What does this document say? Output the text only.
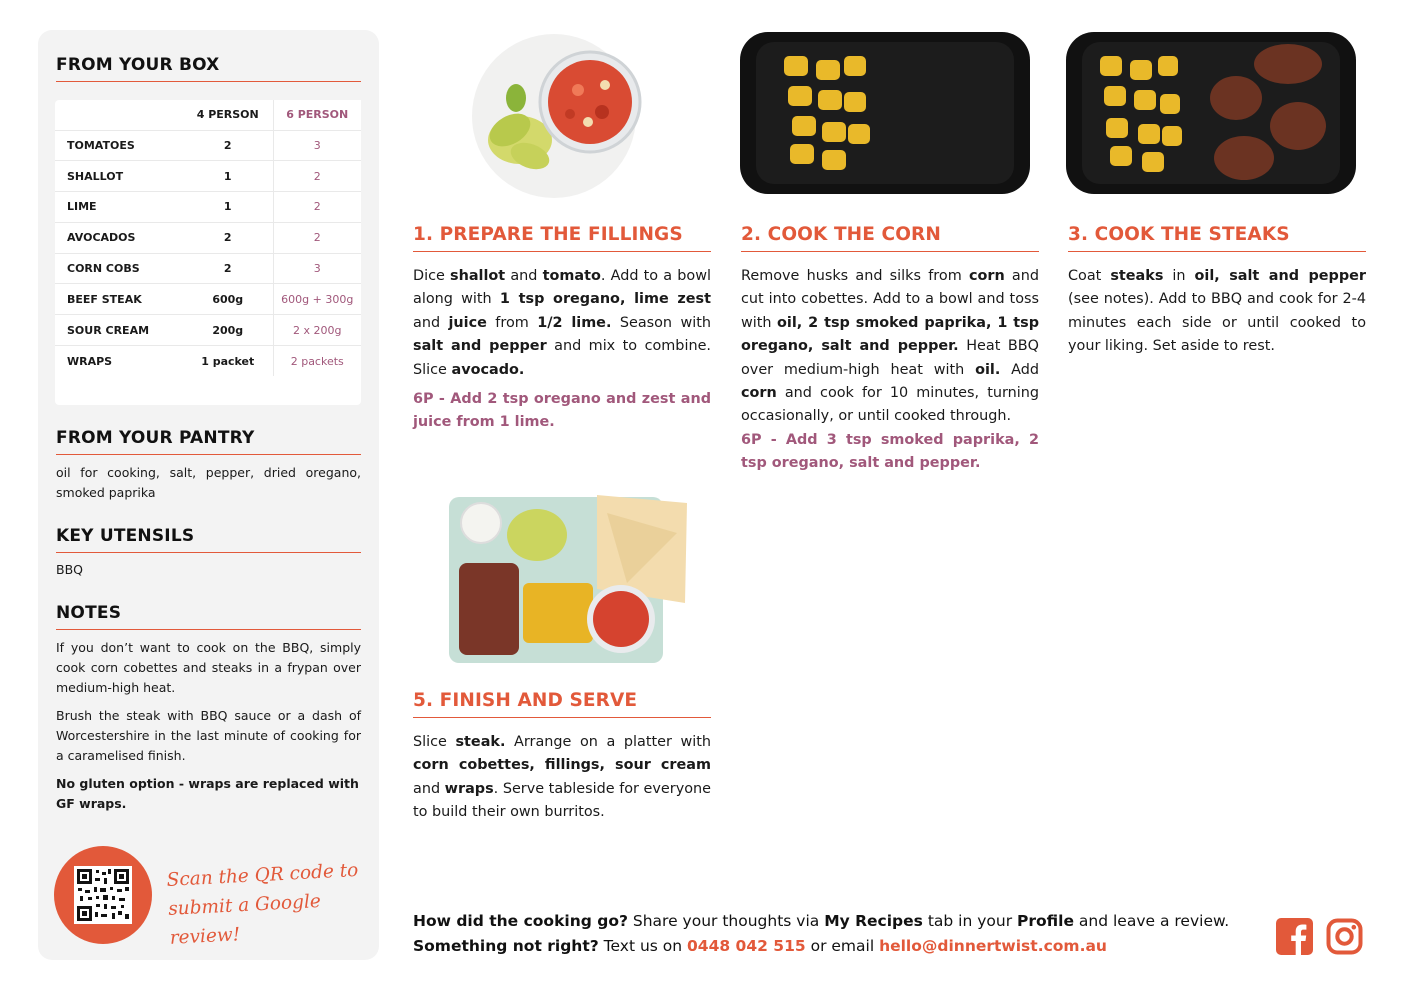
FROM YOUR BOX
	4 PERSON	6 PERSON
TOMATOES	2	3
SHALLOT	1	2
LIME	1	2
AVOCADOS	2	2
CORN COBS	2	3
BEEF STEAK	600g	600g + 300g
SOUR CREAM	200g	2 x 200g
WRAPS	1 packet	2 packets
FROM YOUR PANTRY
oil for cooking, salt, pepper, dried oregano, smoked paprika
KEY UTENSILS
BBQ
NOTES
If you don’t want to cook on the BBQ, simply cook corn cobettes and steaks in a frypan over medium-high heat.
Brush the steak with BBQ sauce or a dash of Worcestershire in the last minute of cooking for a caramelised finish.
No gluten option - wraps are replaced with GF wraps.
Scan the QR code to
submit a Google review!
1. PREPARE THE FILLINGS
Dice shallot and tomato. Add to a bowl along with 1 tsp oregano, lime zest and juice from 1/2 lime. Season with salt and pepper and mix to combine. Slice avocado.
6P - Add 2 tsp oregano and zest and juice from 1 lime.
2. COOK THE CORN
Remove husks and silks from corn and cut into cobettes. Add to a bowl and toss with oil, 2 tsp smoked paprika, 1 tsp oregano, salt and pepper. Heat BBQ over medium-high heat with oil. Add corn and cook for 10 minutes, turning occasionally, or until cooked through.
6P - Add 3 tsp smoked paprika, 2 tsp oregano, salt and pepper.
3. COOK THE STEAKS
Coat steaks in oil, salt and pepper (see notes). Add to BBQ and cook for 2-4 minutes each side or until cooked to your liking. Set aside to rest.
5. FINISH AND SERVE
Slice steak. Arrange on a platter with corn cobettes, fillings, sour cream and wraps. Serve tableside for everyone to build their own burritos.
How did the cooking go? Share your thoughts via My Recipes tab in your Profile and leave a review.
Something not right? Text us on 0448 042 515 or email hello@dinnertwist.com.au
